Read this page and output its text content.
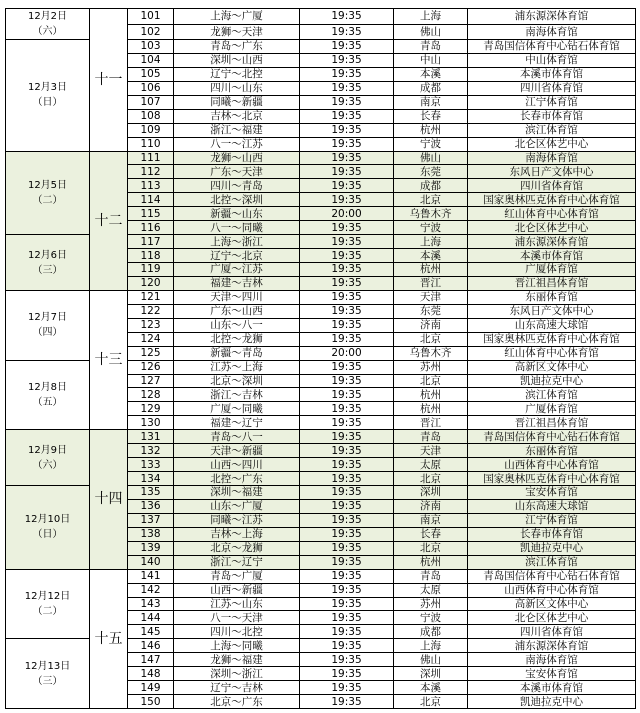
12月2日
（六）	十一	101	上海～广厦	19:35	上海	浦东源深体育馆
		102	龙狮～天津	19:35	佛山	南海体育馆

12月3日
（日）		103	青岛～广东	19:35	青岛	青岛国信体育中心钻石体育馆
		104	深圳～山西	19:35	中山	中山体育馆
		105	辽宁～北控	19:35	本溪	本溪市体育馆
		106	四川～山东	19:35	成都	四川省体育馆
		107	同曦～新疆	19:35	南京	江宁体育馆
		108	吉林～北京	19:35	长春	长春市体育馆
		109	浙江～福建	19:35	杭州	滨江体育馆
		110	八一～江苏	19:35	宁波	北仑区体艺中心

12月5日
（二）	十二	111	龙狮～山西	19:35	佛山	南海体育馆
		112	广东～天津	19:35	东莞	东风日产文体中心
		113	四川～青岛	19:35	成都	四川省体育馆
		114	北控～深圳	19:35	北京	国家奥林匹克体育中心体育馆
		115	新疆～山东	20:00	乌鲁木齐	红山体育中心体育馆
		116	八一～同曦	19:35	宁波	北仑区体艺中心

12月6日
（三）		117	上海～浙江	19:35	上海	浦东源深体育馆
		118	辽宁～北京	19:35	本溪	本溪市体育馆
		119	广厦～江苏	19:35	杭州	广厦体育馆
		120	福建～吉林	19:35	晋江	晋江祖昌体育馆

12月7日
（四）	十三	121	天津～四川	19:35	天津	东丽体育馆
		122	广东～山西	19:35	东莞	东风日产文体中心
		123	山东～八一	19:35	济南	山东高速大球馆
		124	北控～龙狮	19:35	北京	国家奥林匹克体育中心体育馆
		125	新疆～青岛	20:00	乌鲁木齐	红山体育中心体育馆

12月8日
（五）		126	江苏～上海	19:35	苏州	高新区文体中心
		127	北京～深圳	19:35	北京	凯迪拉克中心
		128	浙江～吉林	19:35	杭州	滨江体育馆
		129	广厦～同曦	19:35	杭州	广厦体育馆
		130	福建～辽宁	19:35	晋江	晋江祖昌体育馆

12月9日
（六）	十四	131	青岛～八一	19:35	青岛	青岛国信体育中心钻石体育馆
		132	天津～新疆	19:35	天津	东丽体育馆
		133	山西～四川	19:35	太原	山西体育中心体育馆
		134	北控～广东	19:35	北京	国家奥林匹克体育中心体育馆

12月10日
（日）		135	深圳～福建	19:35	深圳	宝安体育馆
		136	山东～广厦	19:35	济南	山东高速大球馆
		137	同曦～江苏	19:35	南京	江宁体育馆
		138	吉林～上海	19:35	长春	长春市体育馆
		139	北京～龙狮	19:35	北京	凯迪拉克中心
		140	浙江～辽宁	19:35	杭州	滨江体育馆

12月12日
（二）	十五	141	青岛～广厦	19:35	青岛	青岛国信体育中心钻石体育馆
		142	山西～新疆	19:35	太原	山西体育中心体育馆
		143	江苏～山东	19:35	苏州	高新区文体中心
		144	八一～天津	19:35	宁波	北仑区体艺中心
		145	四川～北控	19:35	成都	四川省体育馆

12月13日
（三）		146	上海～同曦	19:35	上海	浦东源深体育馆
		147	龙狮～福建	19:35	佛山	南海体育馆
		148	深圳～浙江	19:35	深圳	宝安体育馆
		149	辽宁～吉林	19:35	本溪	本溪市体育馆
		150	北京～广东	19:35	北京	凯迪拉克中心
